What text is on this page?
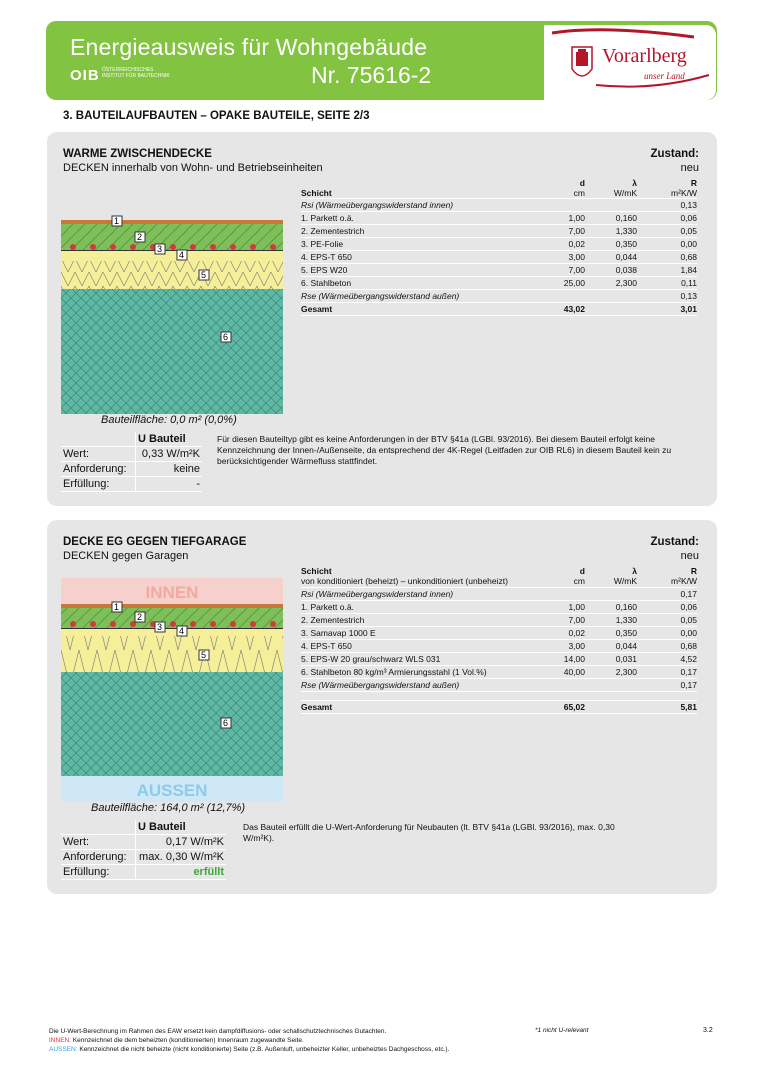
Energieausweis für Wohngebäude
Nr. 75616-2
OIB ÖSTERREICHISCHES
INSTITUT FÜR BAUTECHNIK
Vorarlberg
unser Land
3. BAUTEILAUFBAUTEN – OPAKE BAUTEILE, SEITE 2/3
WARME ZWISCHENDECKE
DECKEN innerhalb von Wohn- und Betriebseinheiten
Zustand:
neu
	d	λ	R
Schicht	cm	W/mK	m²K/W
Rsi (Wärmeübergangswiderstand innen)			0,13
1. Parkett o.ä.	1,00	0,160	0,06
2. Zementestrich	7,00	1,330	0,05
3. PE-Folie	0,02	0,350	0,00
4. EPS-T 650	3,00	0,044	0,68
5. EPS W20	7,00	0,038	1,84
6. Stahlbeton	25,00	2,300	0,11
Rse (Wärmeübergangswiderstand außen)			0,13
Gesamt	43,02		3,01
1
2
3
4
5
6
Bauteilfläche: 0,0 m² (0,0%)
	U Bauteil
Wert:	0,33 W/m²K
Anforderung:	keine
Erfüllung:	-
Für diesen Bauteiltyp gibt es keine Anforderungen in der BTV §41a (LGBl. 93/2016). Bei diesem Bauteil erfolgt keine Kennzeichnung der Innen-/Außenseite, da entsprechend der 4K-Regel (Leitfaden zur OIB RL6) in diesem Bauteil kein zu berücksichtigender Wärmefluss stattfindet.
DECKE EG GEGEN TIEFGARAGE
DECKEN gegen Garagen
Zustand:
neu
Schicht	d	λ	R
von konditioniert (beheizt) – unkonditioniert (unbeheizt)	cm	W/mK	m²K/W
Rsi (Wärmeübergangswiderstand innen)			0,17
1. Parkett o.ä.	1,00	0,160	0,06
2. Zementestrich	7,00	1,330	0,05
3. Samavap 1000 E	0,02	0,350	0,00
4. EPS-T 650	3,00	0,044	0,68
5. EPS-W 20 grau/schwarz WLS 031	14,00	0,031	4,52
6. Stahlbeton 80 kg/m³ Armierungsstahl (1 Vol.%)	40,00	2,300	0,17
Rse (Wärmeübergangswiderstand außen)			0,17

Gesamt	65,02		5,81
INNEN
AUSSEN
1
2
3 4
5
6
Bauteilfläche: 164,0 m² (12,7%)
	U Bauteil
Wert:	0,17 W/m²K
Anforderung:	max. 0,30 W/m²K
Erfüllung:	erfüllt
Das Bauteil erfüllt die U-Wert-Anforderung für Neubauten (lt. BTV §41a (LGBl. 93/2016), max. 0,30 W/m²K).
Die U-Wert-Berechnung im Rahmen des EAW ersetzt kein dampfdiffusions- oder schallschutztechnisches Gutachten.
INNEN: Kennzeichnet die dem beheizten (konditionierten) Innenraum zugewandte Seite.
AUSSEN: Kennzeichnet die nicht beheizte (nicht konditionierte) Seite (z.B. Außenluft, unbeheizter Keller, unbeheiztes Dachgeschoss, etc.).
*1 nicht U-relevant	3.2
